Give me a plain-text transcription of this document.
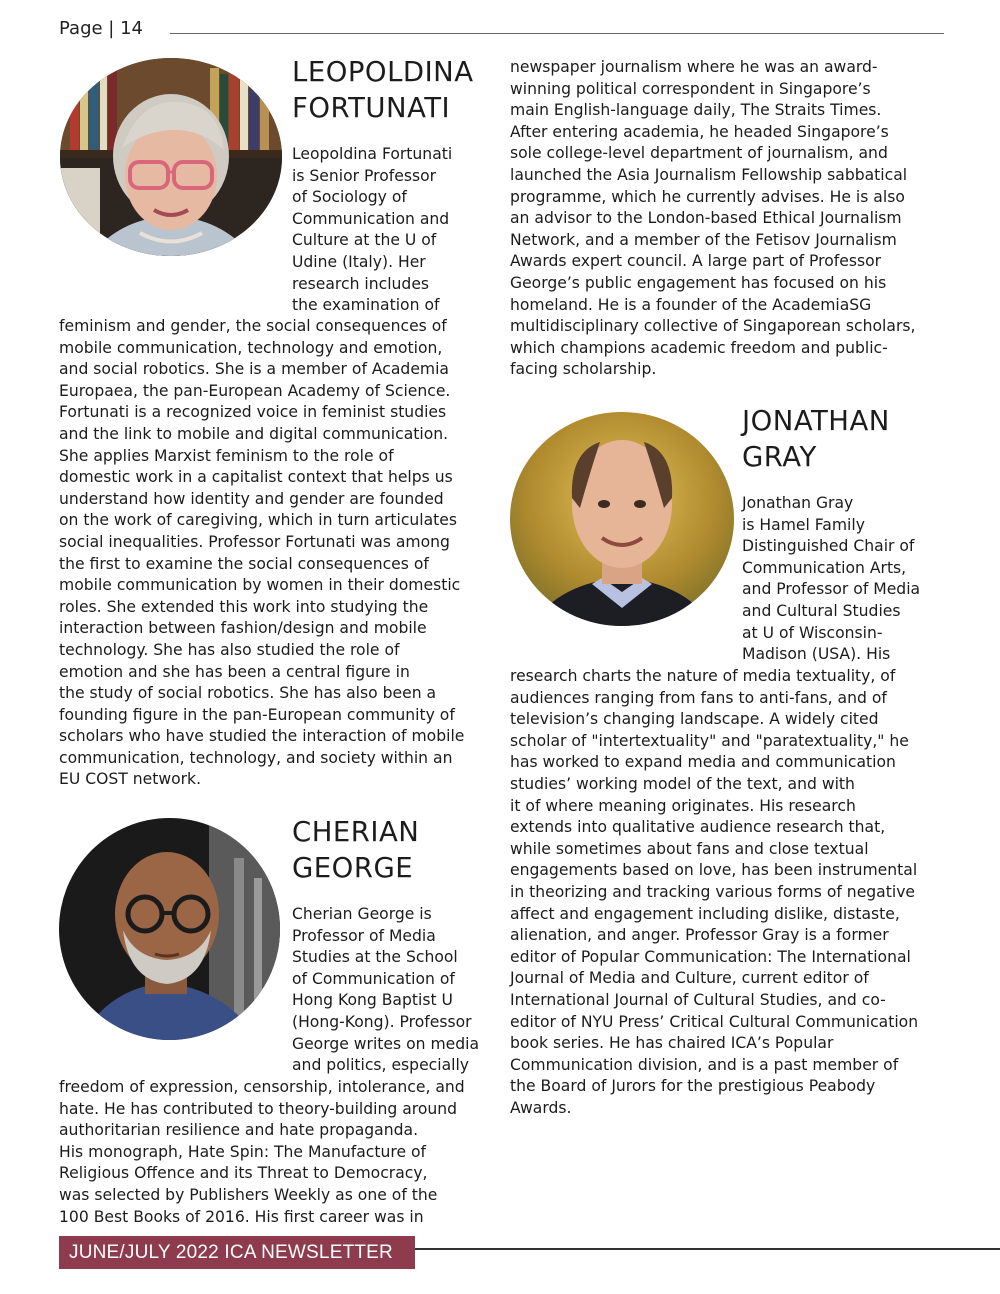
Page | 14
LEOPOLDINA
FORTUNATI
Leopoldina Fortunati
is Senior Professor
of Sociology of
Communication and
Culture at the U of
Udine (Italy). Her
research includes
the examination of
feminism and gender, the social consequences of
mobile communication, technology and emotion,
and social robotics. She is a member of Academia
Europaea, the pan-European Academy of Science.
Fortunati is a recognized voice in feminist studies
and the link to mobile and digital communication.
She applies Marxist feminism to the role of
domestic work in a capitalist context that helps us
understand how identity and gender are founded
on the work of caregiving, which in turn articulates
social inequalities. Professor Fortunati was among
the first to examine the social consequences of
mobile communication by women in their domestic
roles. She extended this work into studying the
interaction between fashion/design and mobile
technology. She has also studied the role of
emotion and she has been a central figure in
the study of social robotics. She has also been a
founding figure in the pan-European community of
scholars who have studied the interaction of mobile
communication, technology, and society within an
EU COST network.
CHERIAN
GEORGE
Cherian George is
Professor of Media
Studies at the School
of Communication of
Hong Kong Baptist U
(Hong-Kong). Professor
George writes on media
and politics, especially
freedom of expression, censorship, intolerance, and
hate. He has contributed to theory-building around
authoritarian resilience and hate propaganda.
His monograph, Hate Spin: The Manufacture of
Religious Offence and its Threat to Democracy,
was selected by Publishers Weekly as one of the
100 Best Books of 2016. His first career was in
newspaper journalism where he was an award-
winning political correspondent in Singapore’s
main English-language daily, The Straits Times.
After entering academia, he headed Singapore’s
sole college-level department of journalism, and
launched the Asia Journalism Fellowship sabbatical
programme, which he currently advises. He is also
an advisor to the London-based Ethical Journalism
Network, and a member of the Fetisov Journalism
Awards expert council. A large part of Professor
George’s public engagement has focused on his
homeland. He is a founder of the AcademiaSG
multidisciplinary collective of Singaporean scholars,
which champions academic freedom and public-
facing scholarship.
JONATHAN
GRAY
Jonathan Gray
is Hamel Family
Distinguished Chair of
Communication Arts,
and Professor of Media
and Cultural Studies
at U of Wisconsin-
Madison (USA). His
research charts the nature of media textuality, of
audiences ranging from fans to anti-fans, and of
television’s changing landscape. A widely cited
scholar of "intertextuality" and "paratextuality," he
has worked to expand media and communication
studies’ working model of the text, and with
it of where meaning originates. His research
extends into qualitative audience research that,
while sometimes about fans and close textual
engagements based on love, has been instrumental
in theorizing and tracking various forms of negative
affect and engagement including dislike, distaste,
alienation, and anger. Professor Gray is a former
editor of Popular Communication: The International
Journal of Media and Culture, current editor of
International Journal of Cultural Studies, and co-
editor of NYU Press’ Critical Cultural Communication
book series. He has chaired ICA’s Popular
Communication division, and is a past member of
the Board of Jurors for the prestigious Peabody
Awards.
JUNE/JULY 2022 ICA NEWSLETTER
